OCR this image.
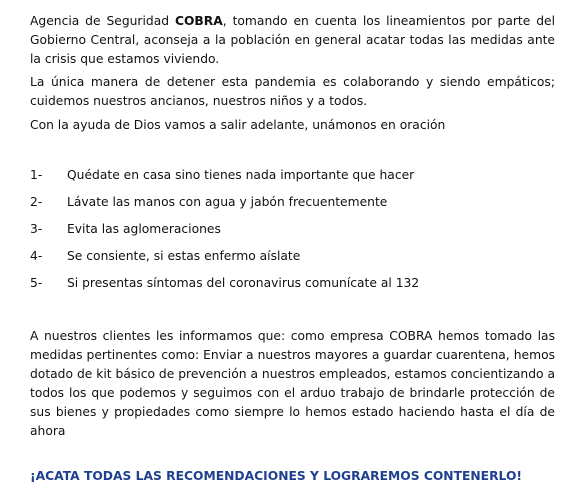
Agencia de Seguridad COBRA, tomando en cuenta los lineamientos por parte del Gobierno Central, aconseja a la población en general acatar todas las medidas ante la crisis que estamos viviendo.

La única manera de detener esta pandemia es colaborando y siendo empáticos; cuidemos nuestros ancianos, nuestros niños y a todos.

Con la ayuda de Dios vamos a salir adelante, unámonos en oración

1-	Quédate en casa sino tienes nada importante que hacer
2-	Lávate las manos con agua y jabón frecuentemente
3-	Evita las aglomeraciones
4-	Se consiente, si estas enfermo aíslate
5-	Si presentas síntomas del coronavirus comunícate al 132

A nuestros clientes les informamos que: como empresa COBRA hemos tomado las medidas pertinentes como: Enviar a nuestros mayores a guardar cuarentena, hemos dotado de kit básico de prevención a nuestros empleados, estamos concientizando a todos los que podemos y seguimos con el arduo trabajo de brindarle protección de sus bienes y propiedades como siempre lo hemos estado haciendo hasta el día de ahora

¡ACATA TODAS LAS RECOMENDACIONES Y LOGRAREMOS CONTENERLO!
